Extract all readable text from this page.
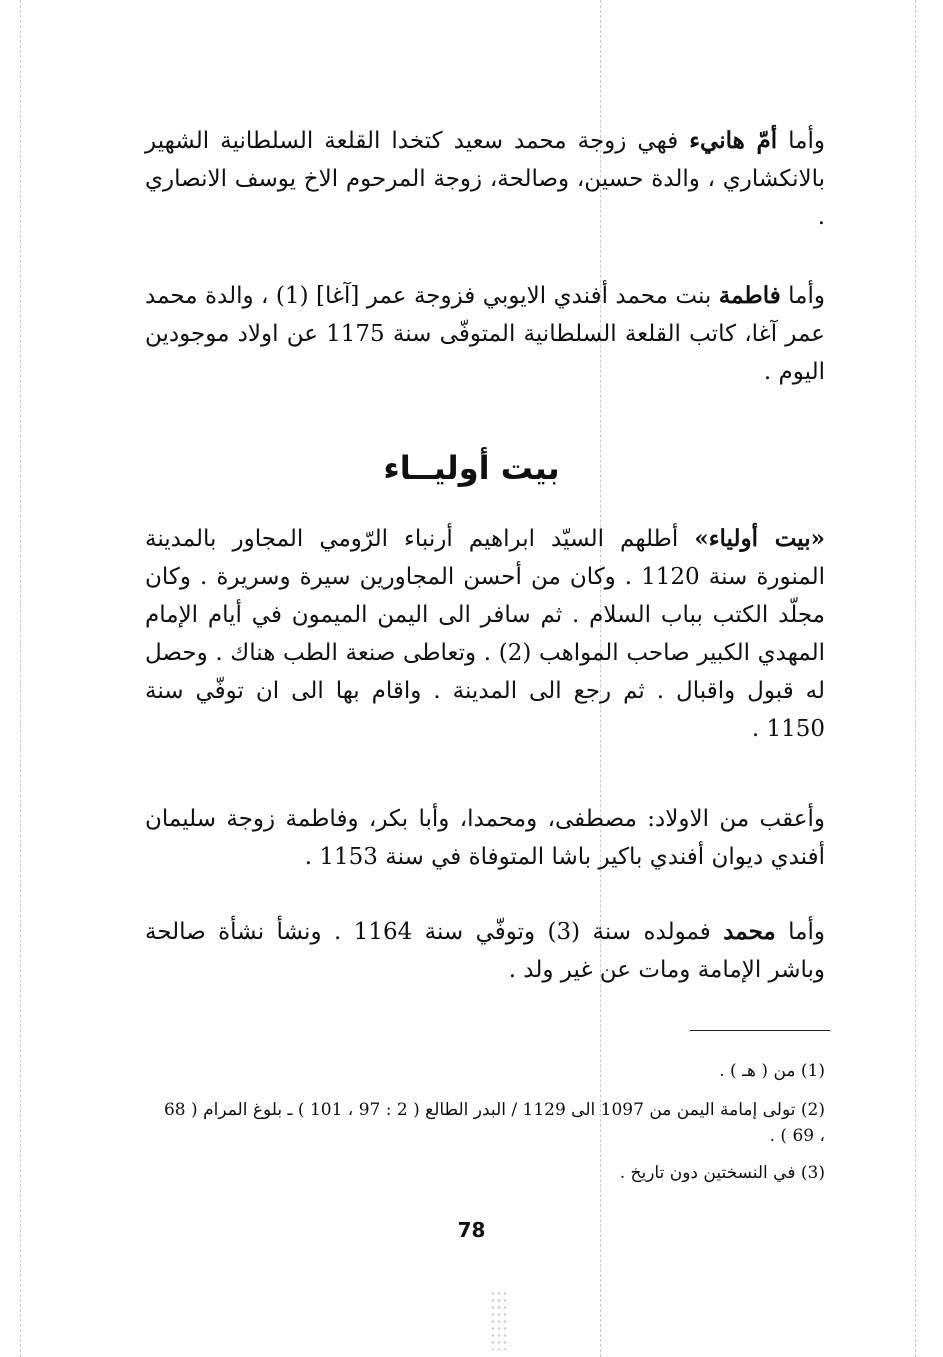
وأما أمّ هانيء فهي زوجة محمد سعيد كتخدا القلعة السلطانية الشهير بالانكشاري ، والدة حسين، وصالحة، زوجة المرحوم الاخ يوسف الانصاري .

وأما فاطمة بنت محمد أفندي الايوبي فزوجة عمر [آغا] (1) ، والدة محمد عمر آغا، كاتب القلعة السلطانية المتوفّى سنة 1175 عن اولاد موجودين اليوم .

بيت أوليــاء

«بيت أولياء» أطلهم السيّد ابراهيم أرنباء الرّومي المجاور بالمدينة المنورة سنة 1120 . وكان من أحسن المجاورين سيرة وسريرة . وكان مجلّد الكتب بباب السلام . ثم سافر الى اليمن الميمون في أيام الإمام المهدي الكبير صاحب المواهب (2) . وتعاطى صنعة الطب هناك . وحصل له قبول واقبال . ثم رجع الى المدينة . واقام بها الى ان توفّي سنة 1150 .

وأعقب من الاولاد: مصطفى، ومحمدا، وأبا بكر، وفاطمة زوجة سليمان أفندي ديوان أفندي باكير باشا المتوفاة في سنة 1153 .

وأما محمد فمولده سنة (3) وتوفّي سنة 1164 . ونشأ نشأة صالحة وباشر الإمامة ومات عن غير ولد .

(1) من ( هـ ) .

(2) تولى إمامة اليمن من 1097 الى 1129 / البدر الطالع ( 2 : 97 ، 101 ) ـ بلوغ المرام ( 68 ، 69 ) .

(3) في النسختين دون تاريخ .

78
